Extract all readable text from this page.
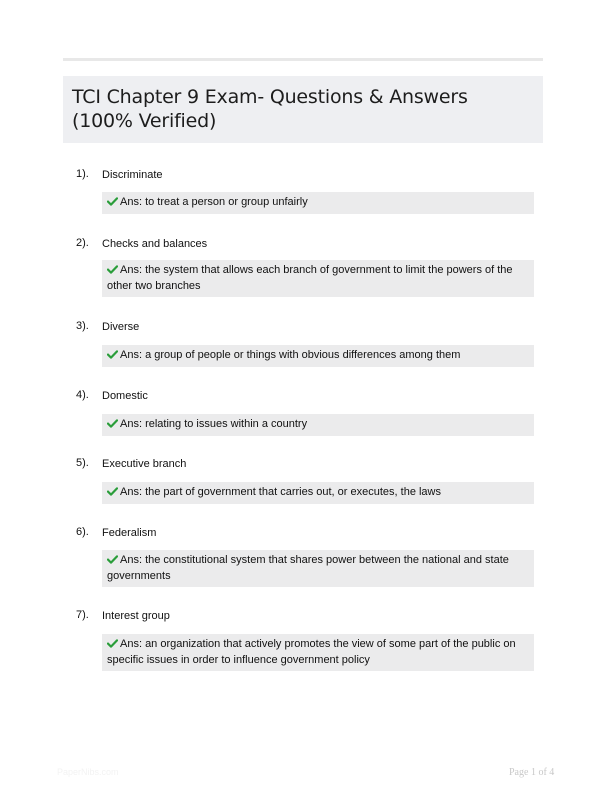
TCI Chapter 9 Exam- Questions & Answers
(100% Verified)
1). Discriminate
Ans: to treat a person or group unfairly
2). Checks and balances
Ans: the system that allows each branch of government to limit the powers of the other two branches
3). Diverse
Ans: a group of people or things with obvious differences among them
4). Domestic
Ans: relating to issues within a country
5). Executive branch
Ans: the part of government that carries out, or executes, the laws
6). Federalism
Ans: the constitutional system that shares power between the national and state governments
7). Interest group
Ans: an organization that actively promotes the view of some part of the public on specific issues in order to influence government policy
PaperNibs.com	Page 1 of 4
